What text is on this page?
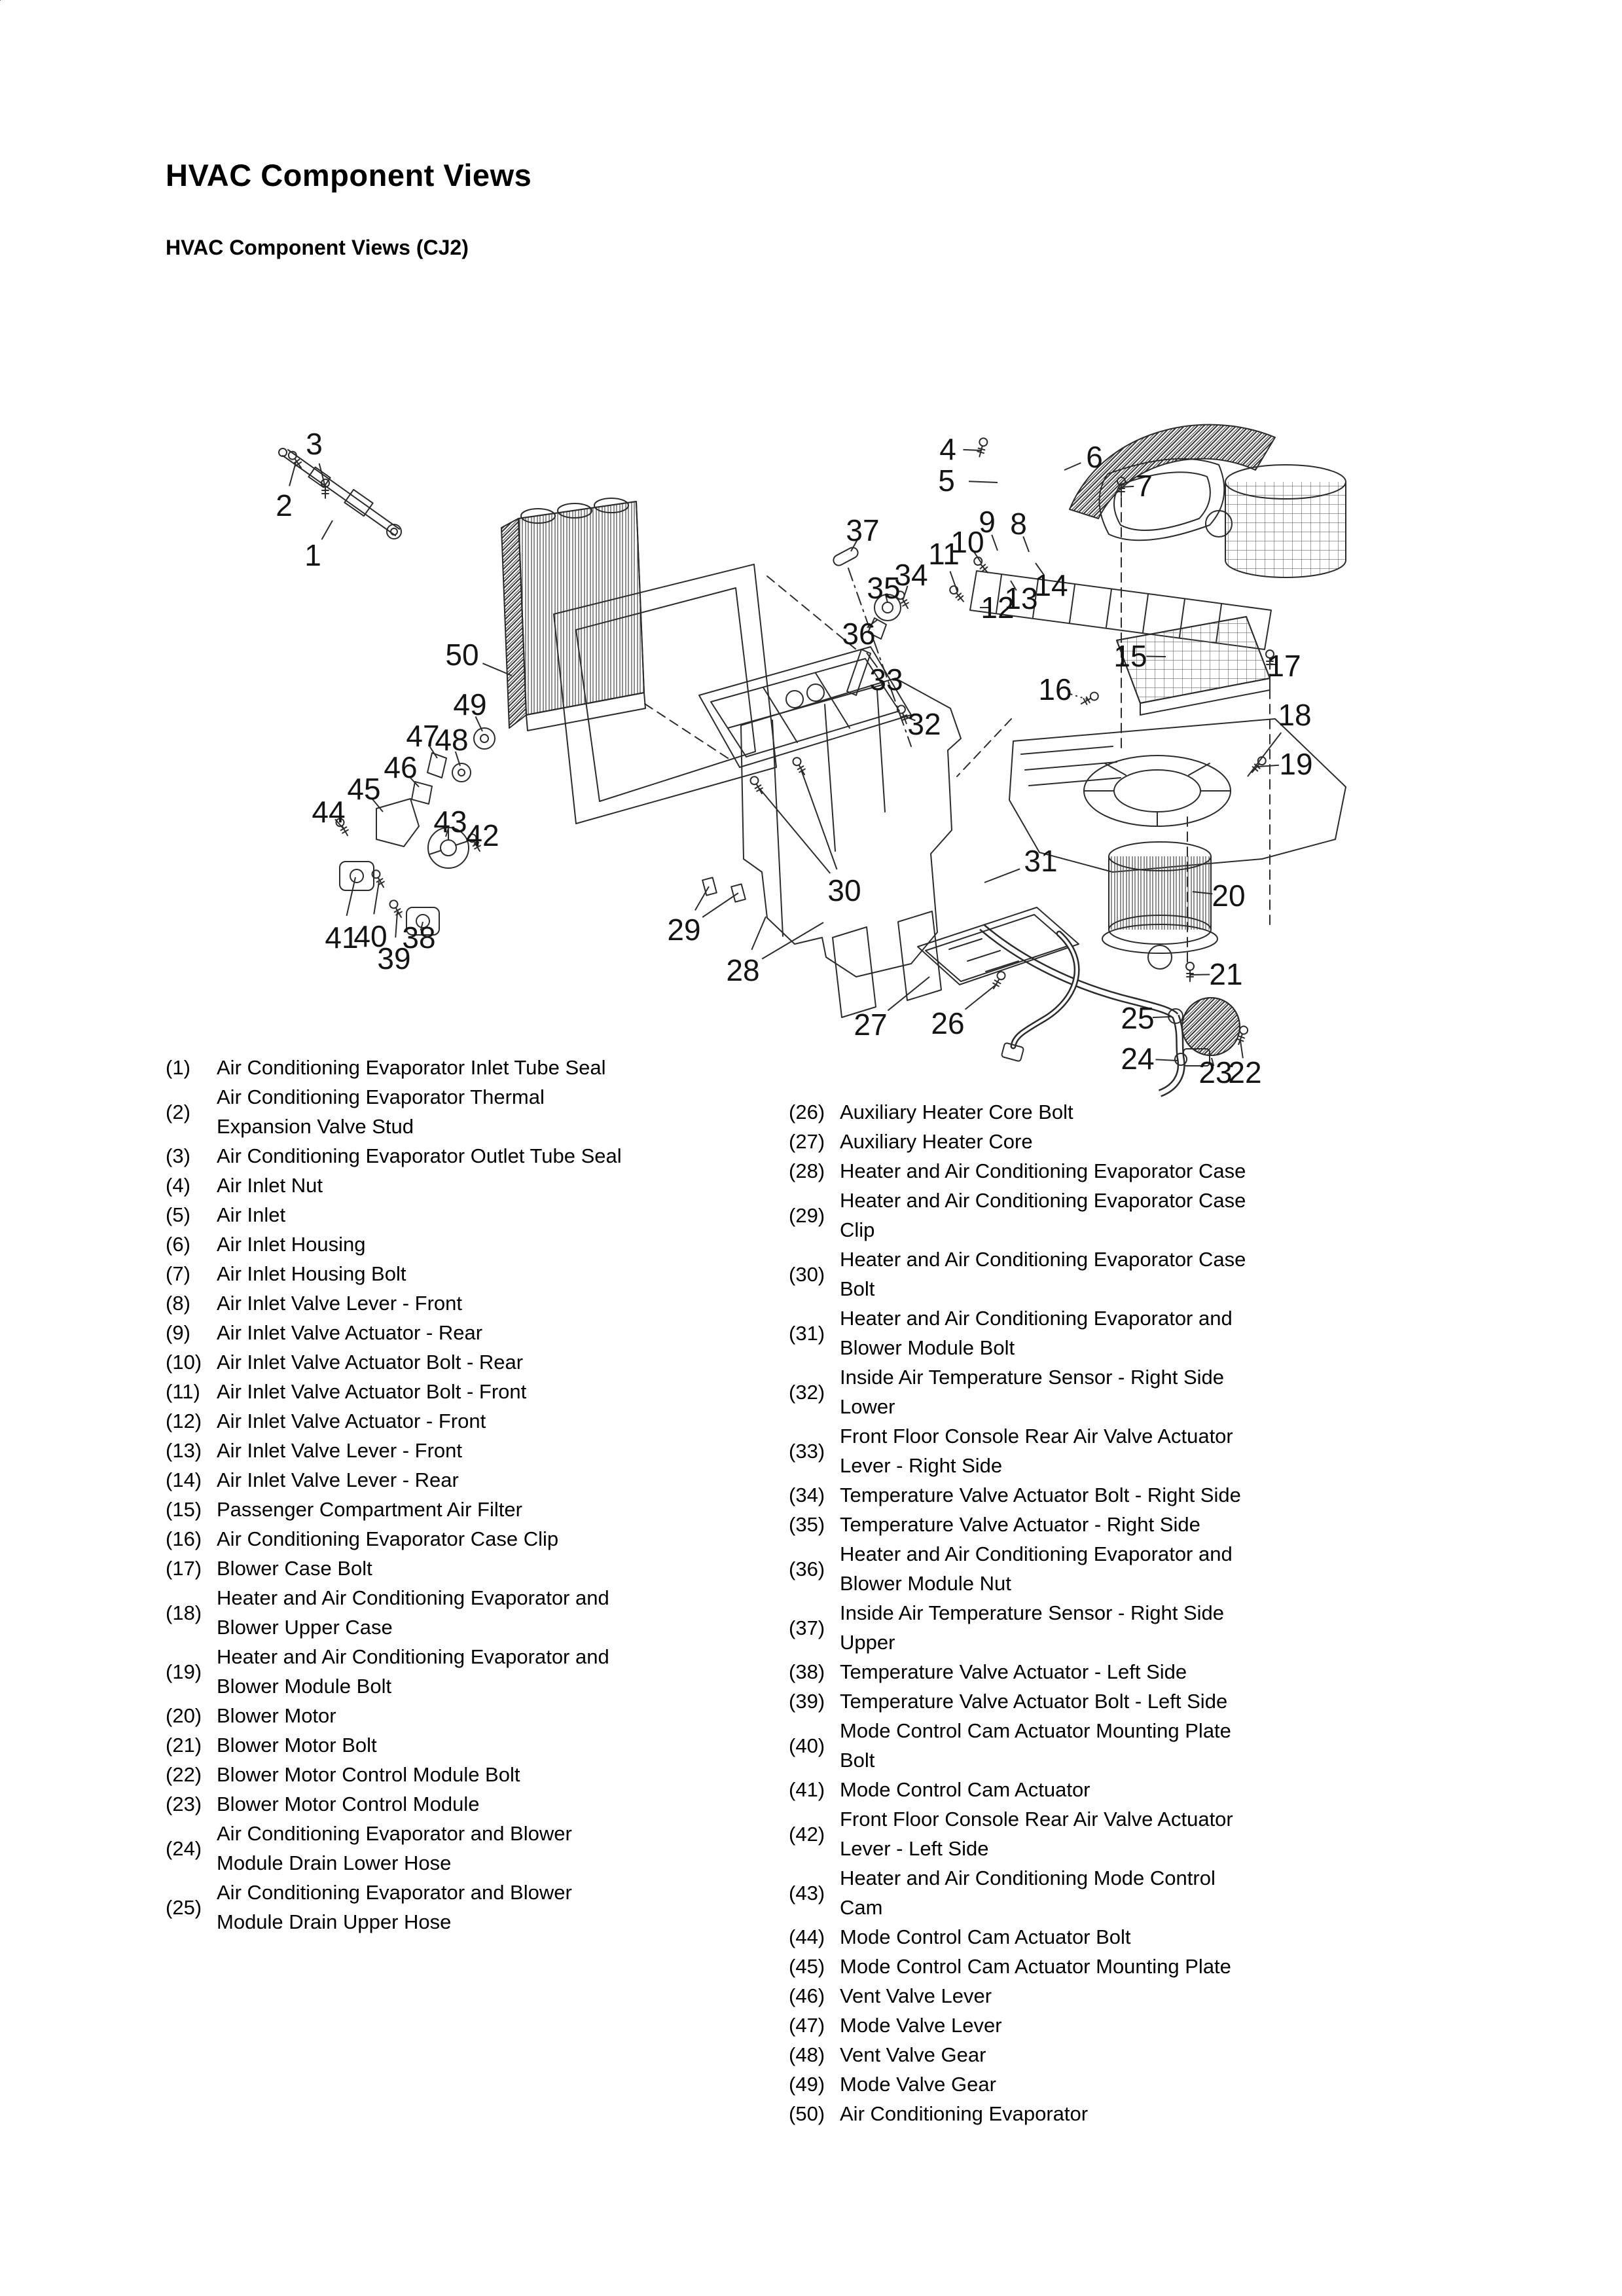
HVAC Component Views
HVAC Component Views (CJ2)
1
2
3	4
5
6
7
8
9
10
11
12
13
14
15
16
17
18
19
20
21
22
23
24
25
26
27
28
29
30
31
32
33
34
35
36
37
38
39
40
41
42
43
44
45
46
47
48
49
50
(1)	Air Conditioning Evaporator Inlet Tube Seal
(2)
Air Conditioning Evaporator Thermal
Expansion Valve Stud
(3)	Air Conditioning Evaporator Outlet Tube Seal
(4)	Air Inlet Nut
(5)	Air Inlet
(6)	Air Inlet Housing
(7)	Air Inlet Housing Bolt
(8)	Air Inlet Valve Lever - Front
(9)	Air Inlet Valve Actuator - Rear
(10) Air Inlet Valve Actuator Bolt - Rear
(11) Air Inlet Valve Actuator Bolt - Front
(12) Air Inlet Valve Actuator - Front
(13) Air Inlet Valve Lever - Front
(14) Air Inlet Valve Lever - Rear
(15) Passenger Compartment Air Filter
(16) Air Conditioning Evaporator Case Clip
(17) Blower Case Bolt
(18)
Heater and Air Conditioning Evaporator and
Blower Upper Case
(19)
Heater and Air Conditioning Evaporator and
Blower Module Bolt
(20) Blower Motor
(21) Blower Motor Bolt
(22) Blower Motor Control Module Bolt
(23) Blower Motor Control Module
(24)
Air Conditioning Evaporator and Blower
Module Drain Lower Hose
(25)
Air Conditioning Evaporator and Blower
Module Drain Upper Hose
(26) Auxiliary Heater Core Bolt
(27) Auxiliary Heater Core
(28) Heater and Air Conditioning Evaporator Case
(29)
Heater and Air Conditioning Evaporator Case
Clip
(30)
Heater and Air Conditioning Evaporator Case
Bolt
(31)
Heater and Air Conditioning Evaporator and
Blower Module Bolt
(32)
Inside Air Temperature Sensor - Right Side
Lower
(33)
Front Floor Console Rear Air Valve Actuator
Lever - Right Side
(34) Temperature Valve Actuator Bolt - Right Side
(35) Temperature Valve Actuator - Right Side
(36)
Heater and Air Conditioning Evaporator and
Blower Module Nut
(37)
Inside Air Temperature Sensor - Right Side
Upper
(38) Temperature Valve Actuator - Left Side
(39) Temperature Valve Actuator Bolt - Left Side
(40)
Mode Control Cam Actuator Mounting Plate
Bolt
(41) Mode Control Cam Actuator
(42)
Front Floor Console Rear Air Valve Actuator
Lever - Left Side
(43)
Heater and Air Conditioning Mode Control
Cam
(44) Mode Control Cam Actuator Bolt
(45) Mode Control Cam Actuator Mounting Plate
(46) Vent Valve Lever
(47) Mode Valve Lever
(48) Vent Valve Gear
(49) Mode Valve Gear
(50) Air Conditioning Evaporator
